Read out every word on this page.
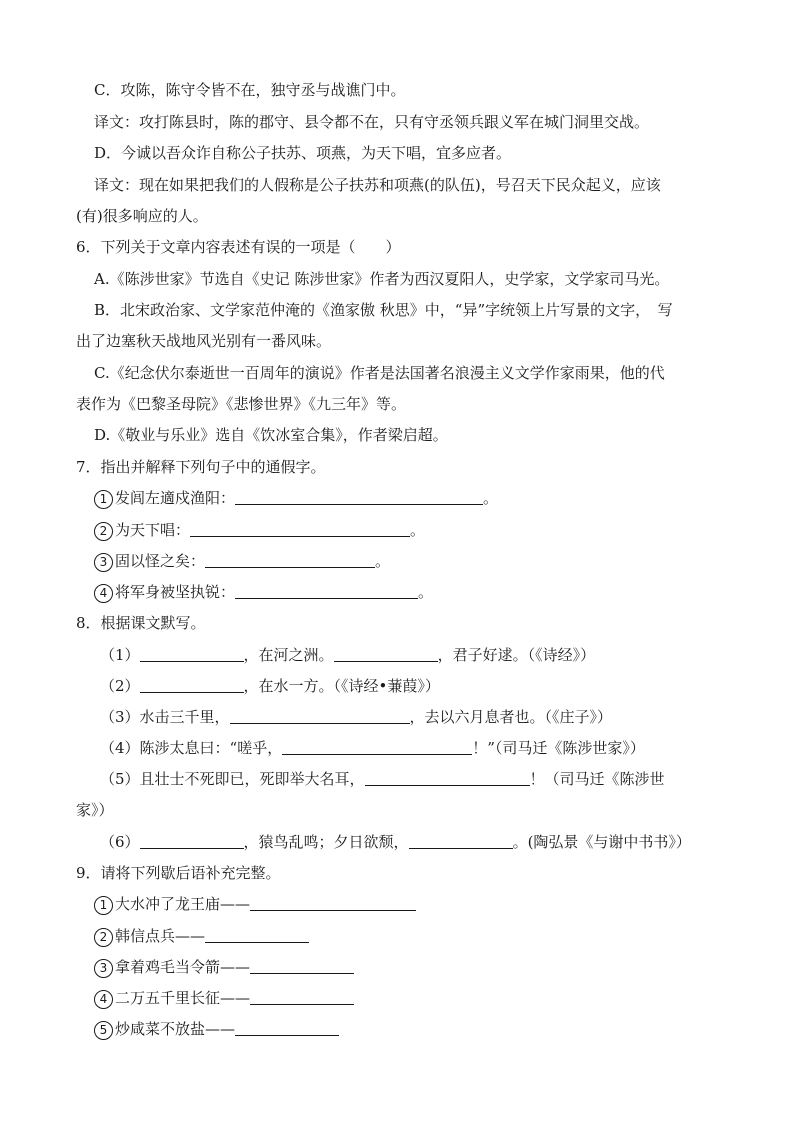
C．攻陈，陈守令皆不在，独守丞与战谯门中。
译文：攻打陈县时，陈的郡守、县令都不在，只有守丞领兵跟义军在城门洞里交战。
D．今诚以吾众诈自称公子扶苏、项燕，为天下唱，宜多应者。
译文：现在如果把我们的人假称是公子扶苏和项燕(的队伍)，号召天下民众起义，应该
(有)很多响应的人。
6．下列关于文章内容表述有误的一项是（　　）
A.《陈涉世家》节选自《史记 陈涉世家》作者为西汉夏阳人，史学家，文学家司马光。
B．北宋政治家、文学家范仲淹的《渔家傲 秋思》中，“异”字统领上片写景的文字，　写
出了边塞秋天战地风光别有一番风味。
C.《纪念伏尔泰逝世一百周年的演说》作者是法国著名浪漫主义文学作家雨果，他的代
表作为《巴黎圣母院》《悲惨世界》《九三年》等。
D.《敬业与乐业》选自《饮冰室合集》，作者梁启超。
7．指出并解释下列句子中的通假字。
1 发闾左適戍渔阳：	。
2 为天下唱：	。
3 固以怪之矣：	。
4 将军身被坚执锐：	。
8．根据课文默写。
（1）	，在河之洲。	，君子好逑。（《诗经》）
（2）	，在水一方。（《诗经•蒹葭》）
（3）水击三千里，	，去以六月息者也。（《庄子》）
（4）陈涉太息曰：“嗟乎，	！”（司马迁《陈涉世家》）
（5）且壮士不死即已，死即举大名耳，	！（司马迁《陈涉世
家》）
（6）	，猿鸟乱鸣；夕日欲颓，	。(陶弘景《与谢中书书》）
9．请将下列歇后语补充完整。
1 大水冲了龙王庙——
2 韩信点兵——
3 拿着鸡毛当令箭——
4 二万五千里长征——
5 炒咸菜不放盐——
